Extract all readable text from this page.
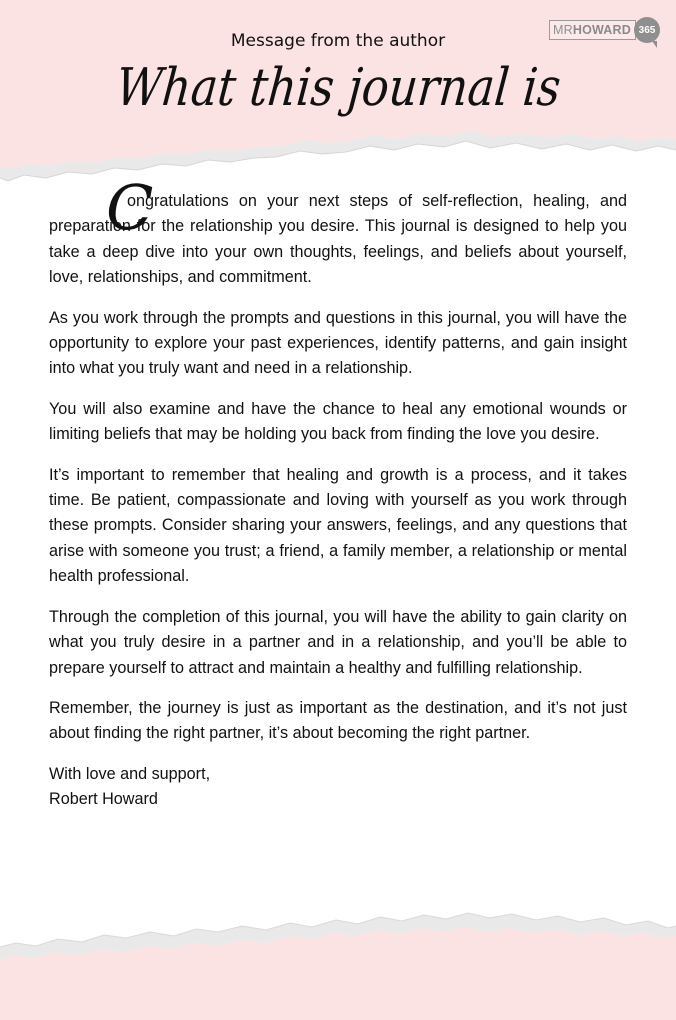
MR HOWARD 365
Message from the author
What this journal is

C
ongratulations on your next steps of self-reflection, healing, and preparation for the relationship you desire. This journal is designed to help you take a deep dive into your own thoughts, feelings, and beliefs about yourself, love, relationships, and commitment.

As you work through the prompts and questions in this journal, you will have the opportunity to explore your past experiences, identify patterns, and gain insight into what you truly want and need in a relationship.

You will also examine and have the chance to heal any emotional wounds or limiting beliefs that may be holding you back from finding the love you desire.

It’s important to remember that healing and growth is a process, and it takes time. Be patient, compassionate and loving with yourself as you work through these prompts. Consider sharing your answers, feelings, and any questions that arise with someone you trust; a friend, a family member, a relationship or mental health professional.

Through the completion of this journal, you will have the ability to gain clarity on what you truly desire in a partner and in a relationship, and you’ll be able to prepare yourself to attract and maintain a healthy and fulfilling relationship.

Remember, the journey is just as important as the destination, and it’s not just about finding the right partner, it’s about becoming the right partner.

With love and support,
Robert Howard
